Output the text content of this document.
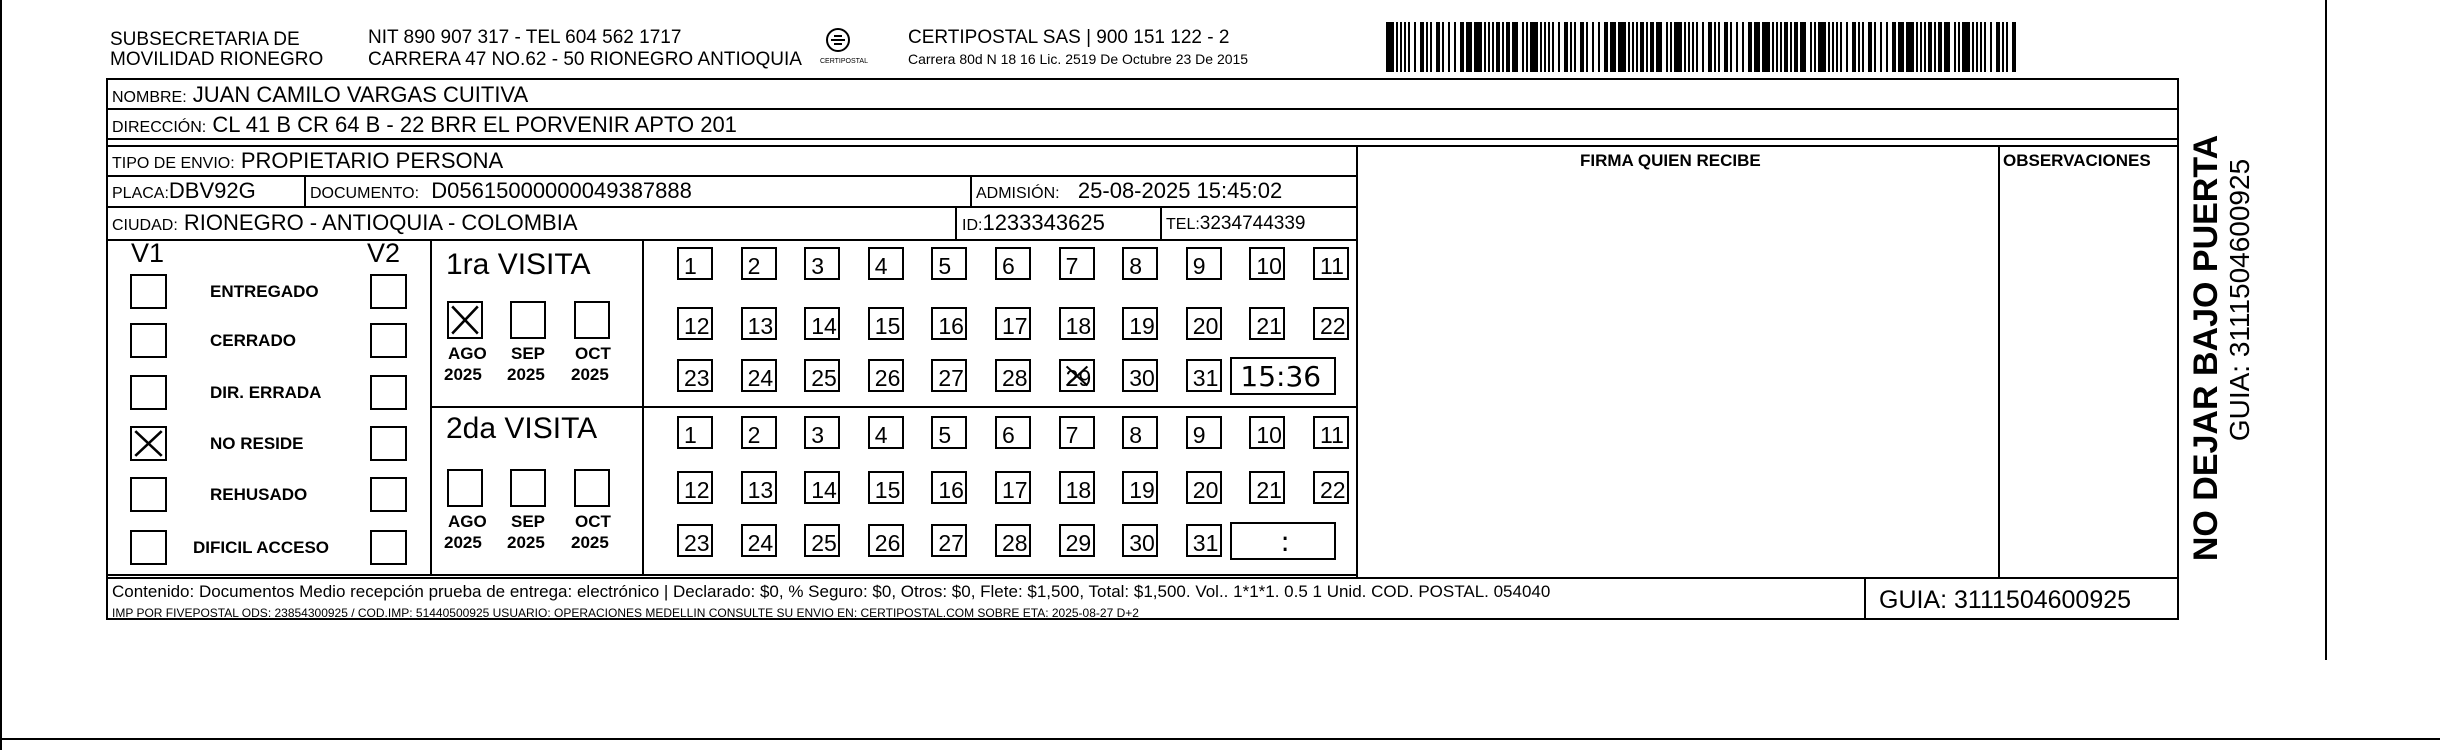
SUBSECRETARIA DE
MOVILIDAD RIONEGRO
NIT 890 907 317 - TEL 604 562 1717
CARRERA 47 NO.62 - 50 RIONEGRO ANTIOQUIA	CERTIPOSTAL
CERTIPOSTAL SAS | 900 151 122 - 2
Carrera 80d N 18 16 Lic. 2519 De Octubre 23 De 2015
NOMBRE: JUAN CAMILO VARGAS CUITIVA
DIRECCIÓN: CL 41 B CR 64 B - 22 BRR EL PORVENIR APTO 201
TIPO DE ENVIO: PROPIETARIO PERSONA
PLACA:DBV92G	DOCUMENTO: D05615000000049387888	ADMISIÓN: 25-08-2025 15:45:02
CIUDAD: RIONEGRO - ANTIOQUIA - COLOMBIA	ID:1233343625	TEL:3234744339
FIRMA QUIEN RECIBE	OBSERVACIONES
V1	V2
ENTREGADO
CERRADO
DIR. ERRADA
NO RESIDE
REHUSADO
DIFICIL ACCESO
1ra VISITA
AGO
2025
SEP
2025
OCT
2025
1 2 3 4 5 6 7 8 9 10 11
12 13 14 15 16 17 18 19 20 21 22
23 24 25 26 27 28 29 30 31 15:36
2da VISITA
AGO
2025
SEP
2025
OCT
2025
1 2 3 4 5 6 7 8 9 10 11
12 13 14 15 16 17 18 19 20 21 22
23 24 25 26 27 28 29 30 31 :
Contenido: Documentos Medio recepción prueba de entrega: electrónico | Declarado: $0, % Seguro: $0, Otros: $0, Flete: $1,500, Total: $1,500. Vol.. 1*1*1. 0.5 1 Unid. COD. POSTAL. 054040
IMP POR FIVEPOSTAL ODS: 23854300925 / COD.IMP: 51440500925 USUARIO: OPERACIONES MEDELLIN CONSULTE SU ENVIO EN: CERTIPOSTAL.COM SOBRE ETA: 2025-08-27 D+2	GUIA: 3111504600925
NO DEJAR BAJO PUERTA GUIA: 3111504600925
